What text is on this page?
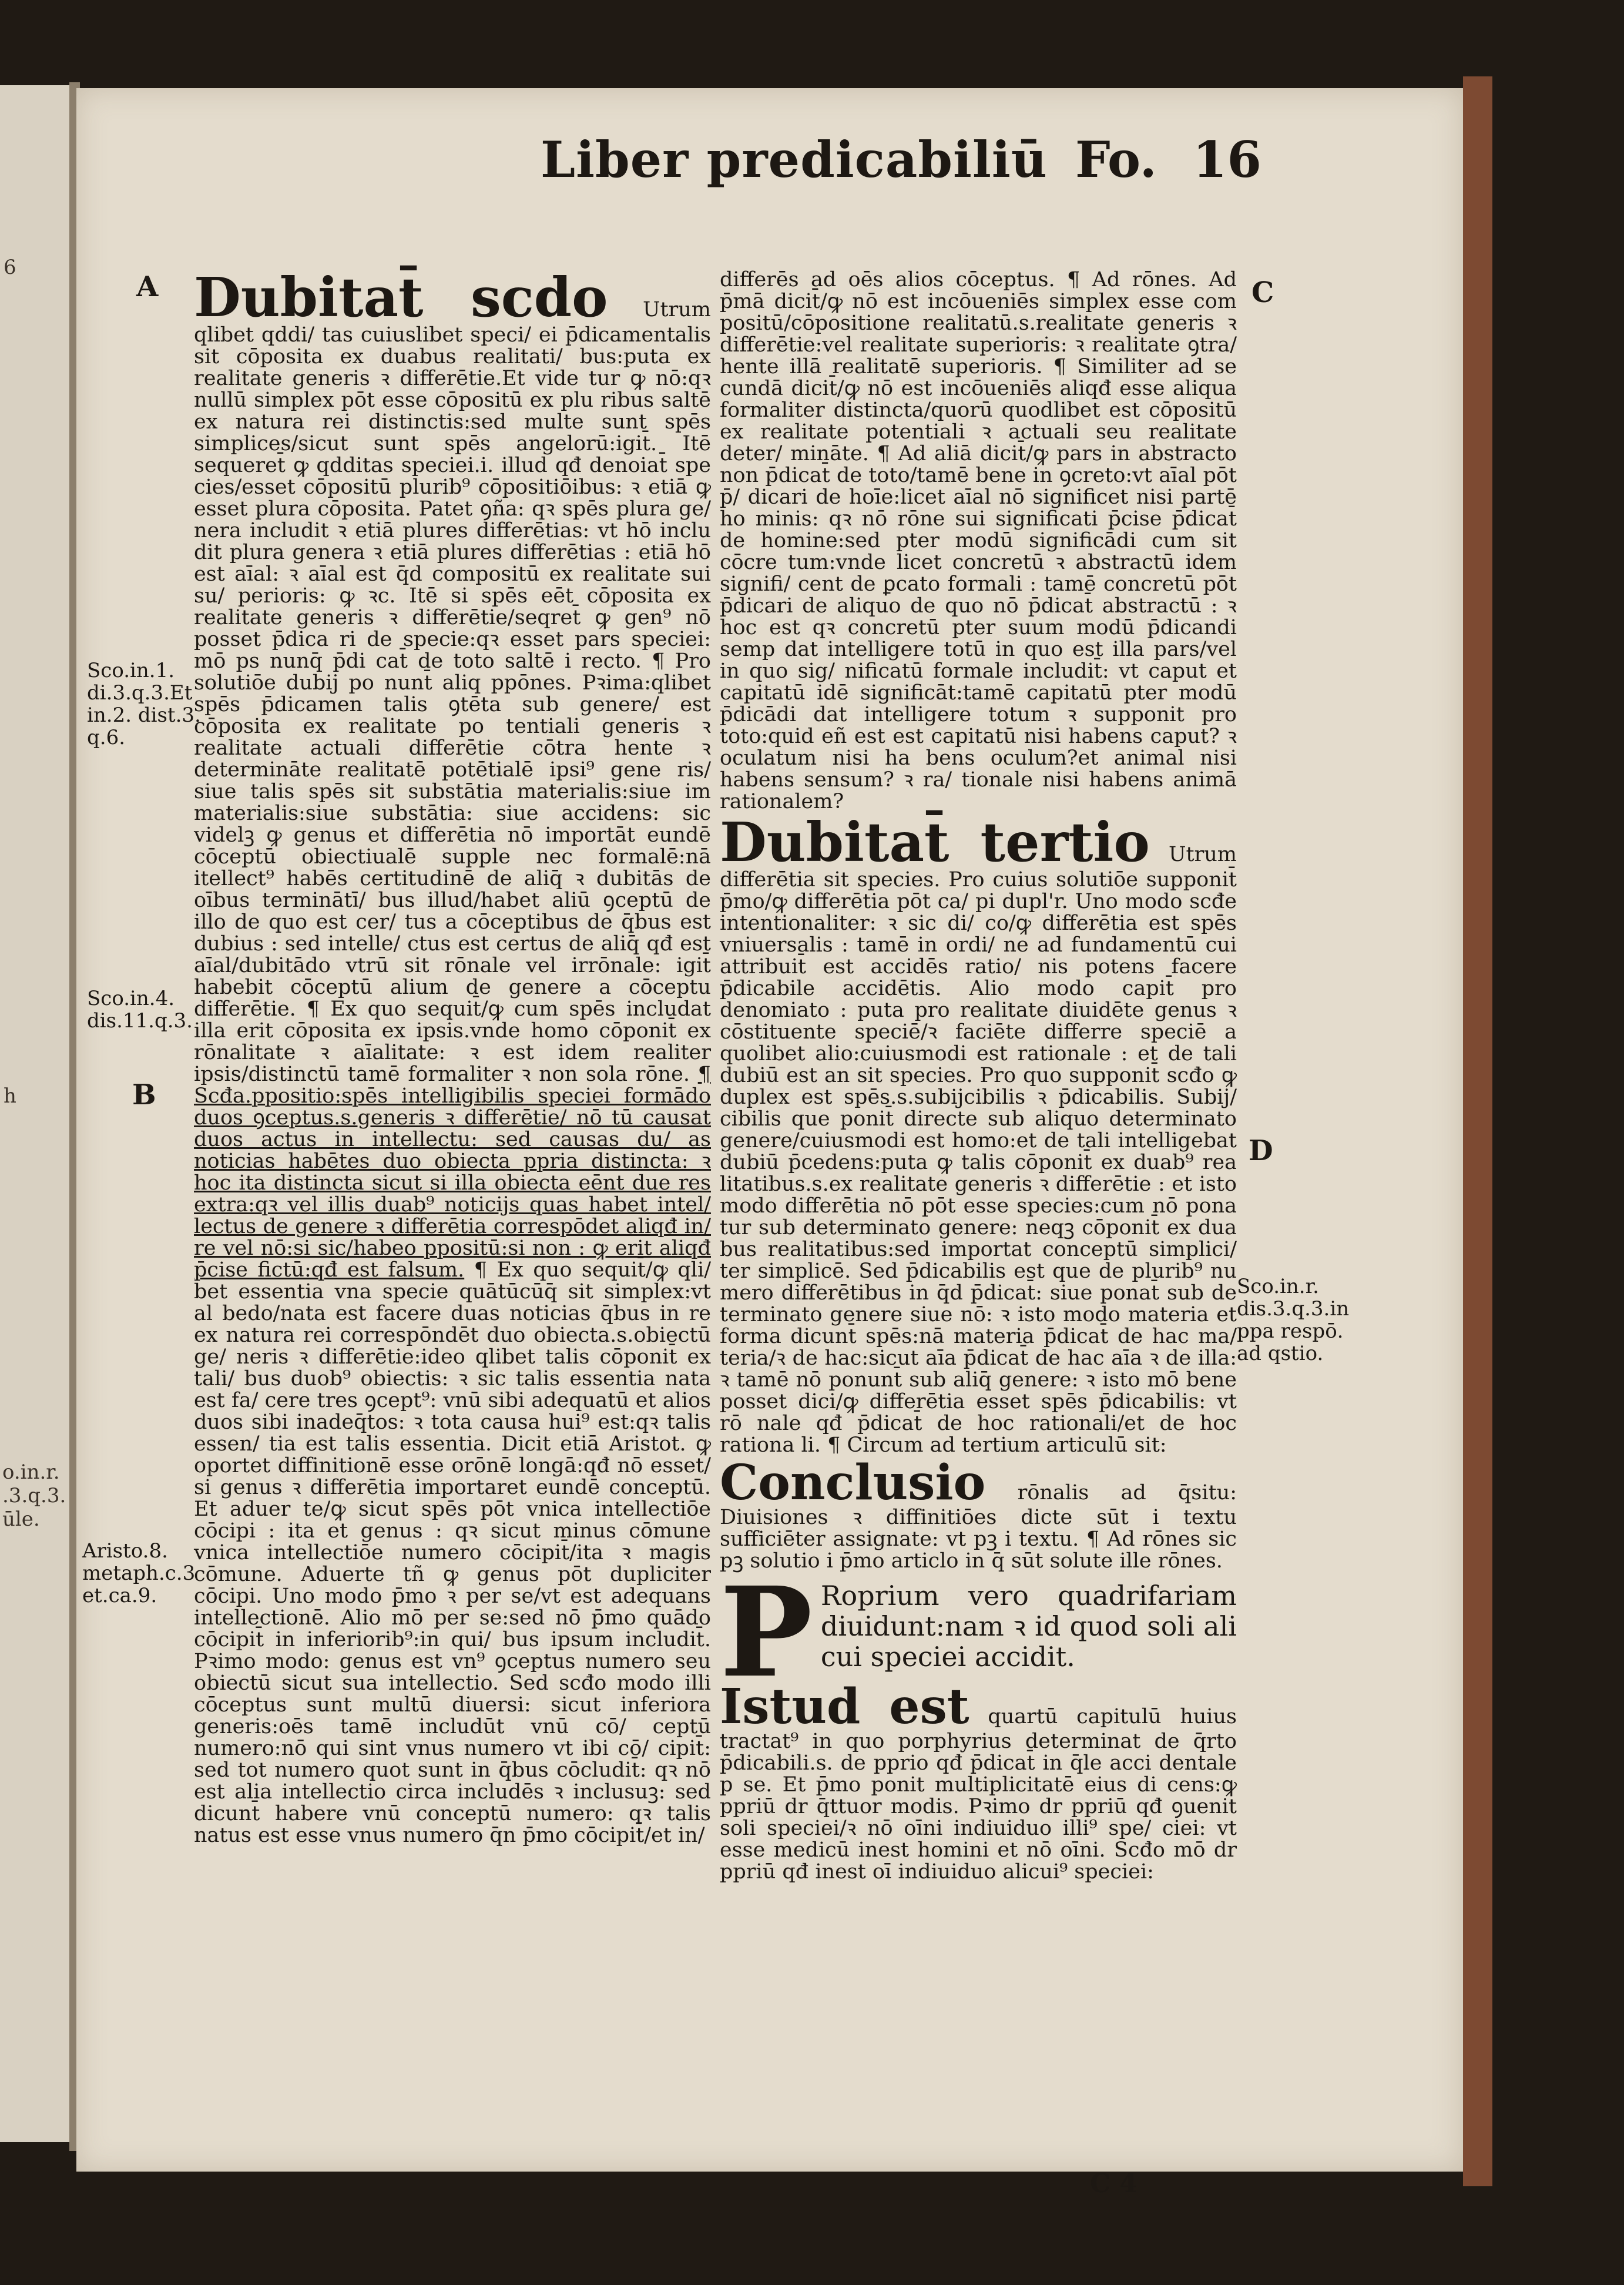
6
h
o.in.r.
.3.q.3.
ūle.
Liber predicabiliū Fo. 16
A
B
C
D
Sco.in.1.
di.3.q.3.Et
in.2. dist.3.
q.6.
Sco.in.4.
dis.11.q.3.
Aristo.8.
metaph.c.3
et.ca.9.
Sco.in.r.
dis.3.q.3.in
ppa respō.
ad qstio.

Dubitat̄ scdo Utrum qlibet qddi/ tas cuiuslibet speci/ ei p̄dicamentalis sit cōposita ex duabus realitati/ bus:puta ex realitate generis ꝛ differētie.Et vide tur ꝙ nō:qꝛ nullū simplex pōt esse cōpositū ex plu ribus saltē ex natura rei distinctis:sed multe sunt spēs simplices/sicut sunt spēs angelorū:igit̄. Itē sequeret̄ ꝙ qdditas speciei.i. illud qđ denoiat̄ spe cies/esset cōpositū plurib⁹ cōpositiōibus: ꝛ etiā ꝙ esset plura cōposita. Patet ꝯña: qꝛ spēs plura ge/ nera includit ꝛ etiā plures differētias: vt hō inclu dit plura genera ꝛ etiā plures differētias : etiā hō est aīal: ꝛ aīal est q̄d compositū ex realitate sui su/ perioris: ꝙ ꝛc. Itē si spēs eēt cōposita ex realitate generis ꝛ differētie/seqret̄ ꝙ gen⁹ nō posset p̄dica ri de specie:qꝛ esset pars speciei: mō ps nunq̄ p̄di cat̄ de toto saltē i recto. ¶ Pro solutiōe dubij po nunt̄ aliq ppōnes. Pꝛima:qlibet spēs p̄dicamen talis ꝯtēta sub genere/ est cōposita ex realitate po tentiali generis ꝛ realitate actuali differētie cōtra hente ꝛ determināte realitatē potētialē ipsi⁹ gene ris/ siue talis spēs sit substātia materialis:siue im materialis:siue substātia: siue accidens: sic videlꝫ ꝙ genus et differētia nō importāt eundē cōceptū obiectiualē supple nec formalē:nā itellect⁹ habēs certitudinē de aliq̄ ꝛ dubitās de oībus terminātī/ bus illud/habet aliū ꝯceptū de illo de quo est cer/ tus a cōceptibus de q̄bus est dubius : sed intelle/ ctus est certus de aliq̄ qđ est aīal/dubitādo vtrū sit rōnale vel irrōnale: igit̄ habebit cōceptū alium de genere a cōceptu differētie. ¶ Ex quo sequit̄/ꝙ cum spēs includat illa erit cōposita ex ipsis.vnde homo cōponit̄ ex rōnalitate ꝛ aīalitate: ꝛ est idem realiter ipsis/distinctū tamē formaliter ꝛ non sola rōne. ¶ Scđa.ppositio:spēs intelligibilis speciei formādo duos ꝯceptus.s.generis ꝛ differētie/ nō tū causat duos actus in intellectu: sed causas du/ as noticias habētes duo obiecta ppria distincta: ꝛ hoc ita distincta sicut si illa obiecta eēnt due res extra:qꝛ vel illis duab⁹ noticijs quas habet intel/ lectus de genere ꝛ differētia correspōdet aliqđ in/ re vel nō:si sic/habeo ppositū:si non : ꝙ erit aliqđ p̄cise fictū:qđ est falsum. ¶ Ex quo sequit̄/ꝙ qli/ bet essentia vna specie quātūcūq̄ sit simplex:vt al bedo/nata est facere duas noticias q̄bus in re ex natura rei correspōndēt duo obiecta.s.obiectū ge/ neris ꝛ differētie:ideo qlibet talis cōponit̄ ex tali/ bus duob⁹ obiectis: ꝛ sic talis essentia nata est fa/ cere tres ꝯcept⁹: vnū sibi adequatū et alios duos sibi inadeq̄tos: ꝛ tota causa hui⁹ est:qꝛ talis essen/ tia est talis essentia. Dicit etiā Aristot. ꝙ oportet diffinitionē esse orōnē longā:qđ nō esset/ si genus ꝛ differētia importaret eundē conceptū. Et aduer te/ꝙ sicut spēs pōt vnica intellectiōe cōcipi : ita et genus : qꝛ sicut minus cōmune vnica intellectiōe numero cōcipit̄/ita ꝛ magis cōmune. Aduerte tñ ꝙ genus pōt dupliciter cōcipi. Uno modo p̄mo ꝛ per se/vt est adequans intellectionē. Alio mō per se:sed nō p̄mo quādo cōcipit̄ in inferiorib⁹:in qui/ bus ipsum includit̄. Pꝛimo modo: genus est vn⁹ ꝯceptus numero seu obiectū sicut sua intellectio. Sed scđo modo illi cōceptus sunt multū diuersi: sicut inferiora generis:oēs tamē includūt vnū cō/ ceptū numero:nō qui sint vnus numero vt ibi cō/ cipit̄: sed tot numero quot sunt in q̄bus cōcludit̄: qꝛ nō est alia intellectio circa includēs ꝛ inclusuꝫ: sed dicunt̄ habere vnū conceptū numero: qꝛ talis natus est esse vnus numero q̄n p̄mo cōcipit̄/et in/

differēs ad oēs alios cōceptus. ¶ Ad rōnes. Ad p̄mā dicit̄/ꝙ nō est incōueniēs simplex esse com positū/cōpositione realitatū.s.realitate generis ꝛ differētie:vel realitate superioris: ꝛ realitate ꝯtra/ hente illā realitatē superioris. ¶ Similiter ad se cundā dicit̄/ꝙ nō est incōueniēs aliqđ esse aliqua formaliter distincta/quorū quodlibet est cōpositū ex realitate potentiali ꝛ actuali seu realitate deter/ mināte. ¶ Ad aliā dicit̄/ꝙ pars in abstracto non p̄dicat̄ de toto/tamē bene in ꝯcreto:vt aīal pōt p̄/ dicari de hoīe:licet aīal nō significet nisi partē ho minis: qꝛ nō rōne sui significati p̄cise p̄dicat̄ de homine:sed pter modū significādi cum sit cōcre tum:vnde licet concretū ꝛ abstractū idem signifi/ cent de ꝑcato formali : tamē concretū pōt p̄dicari de aliquo de quo nō p̄dicat̄ abstractū : ꝛ hoc est qꝛ concretū pter suum modū p̄dicandi semp dat intelligere totū in quo est illa pars/vel in quo sig/ nificatū formale includit̄: vt caput et capitatū idē significāt:tamē capitatū pter modū p̄dicādi dat intelligere totum ꝛ supponit pro toto:quid eñ est est capitatū nisi habens caput? ꝛ oculatum nisi ha bens oculum?et animal nisi habens sensum? ꝛ ra/ tionale nisi habens animā rationalem?

Dubitat̄ tertio Utrum differētia sit species. Pro cuius solutiōe supponit̄ p̄mo/ꝙ differētia pōt ca/ pi dupl'r. Uno modo scđe intentionaliter: ꝛ sic di/ co/ꝙ differētia est spēs vniuersalis : tamē in ordi/ ne ad fundamentū cui attribuit̄ est accidēs ratio/ nis potens facere p̄dicabile accidētis. Alio modo capit̄ pro denomiato : puta pro realitate diuidēte genus ꝛ cōstituente speciē/ꝛ faciēte differre speciē a quolibet alio:cuiusmodi est rationale : et de tali dubiū est an sit species. Pro quo supponit̄ scđo ꝙ duplex est spēs.s.subijcibilis ꝛ p̄dicabilis. Subij/ cibilis que ponit̄ directe sub aliquo determinato genere/cuiusmodi est homo:et de tali intelligebat dubiū p̄cedens:puta ꝙ talis cōponit̄ ex duab⁹ rea litatibus.s.ex realitate generis ꝛ differētie : et isto modo differētia nō pōt esse species:cum nō pona tur sub determinato genere: neqꝫ cōponit̄ ex dua bus realitatibus:sed importat conceptū simplici/ ter simplicē. Sed p̄dicabilis est que de plurib⁹ nu mero differētibus in q̄d p̄dicat̄: siue ponat̄ sub de terminato genere siue nō: ꝛ isto modo materia et forma dicunt̄ spēs:nā materia p̄dicat̄ de hac ma/ teria/ꝛ de hac:sicut aīa p̄dicat̄ de hac aīa ꝛ de illa: ꝛ tamē nō ponunt̄ sub aliq̄ genere: ꝛ isto mō bene posset dici/ꝙ differētia esset spēs p̄dicabilis: vt rō nale qđ p̄dicat̄ de hoc rationali/et de hoc rationa li. ¶ Circum ad tertium articulū sit:

Conclusio rōnalis ad q̄situ: Diuisiones ꝛ diffinitiōes dicte sūt i textu sufficiēter assignate: vt pꝫ i textu. ¶ Ad rōnes sic pꝫ solutio i p̄mo articlo in q̄ sūt solute ille rōnes.

P Roprium vero quadrifariam diuidunt:nam ꝛ id quod soli ali cui speciei accidit.

Istud est quartū capitulū huius tractat⁹ in quo porphyrius determinat de q̄rto p̄dicabili.s. de pprio qđ p̄dicat̄ in q̄le acci dentale p se. Et p̄mo ponit multiplicitatē eius di cens:ꝙ ppriū dr q̄ttuor modis. Pꝛimo dr ppriū qđ ꝯuenit soli speciei/ꝛ nō oīni indiuiduo illi⁹ spe/ ciei: vt esse medicū inest homini et nō oīni. Scđo mō dr ppriū qđ inest oī indiuiduo alicui⁹ speciei:

C 4
